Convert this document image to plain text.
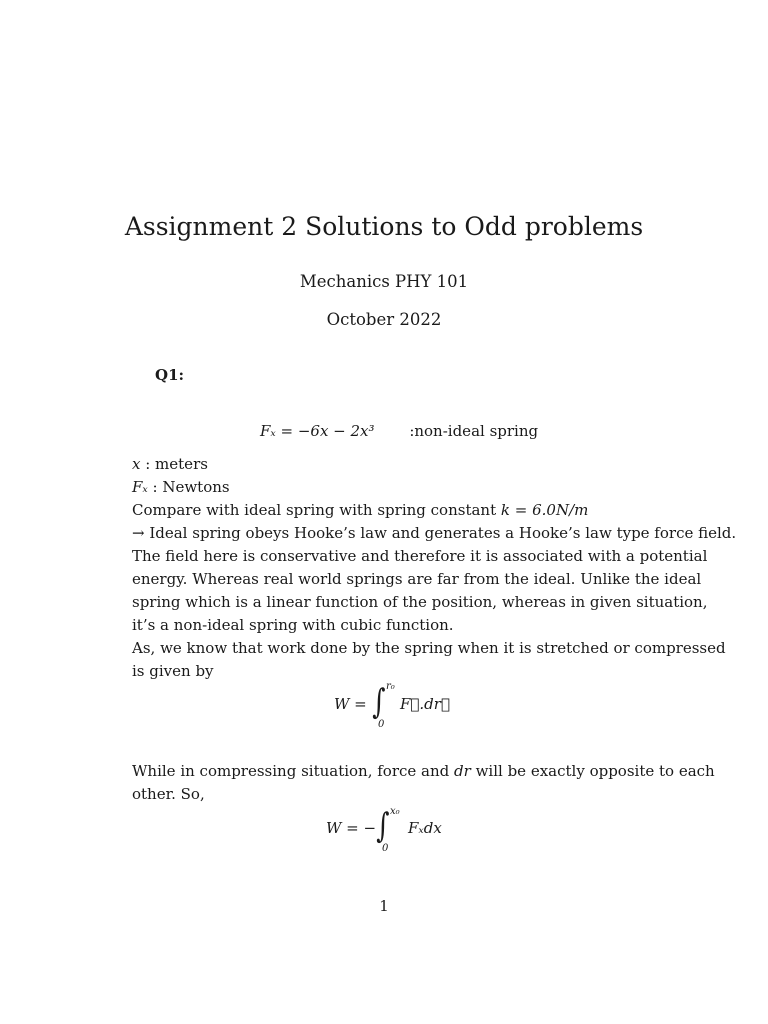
Assignment 2 Solutions to Odd problems
Mechanics PHY 101
October 2022
Q1:
Fₓ = −6x − 2x³ :non-ideal spring
x : meters
Fₓ : Newtons
Compare with ideal spring with spring constant k = 6.0N/m
→ Ideal spring obeys Hooke’s law and generates a Hooke’s law type force field.
The field here is conservative and therefore it is associated with a potential
energy. Whereas real world springs are far from the ideal. Unlike the ideal
spring which is a linear function of the position, whereas in given situation,
it’s a non-ideal spring with cubic function.
As, we know that work done by the spring when it is stretched or compressed
is given by
W = ∫ r₀
0
F⃗.dr⃗
While in compressing situation, force and dr will be exactly opposite to each
other. So,
W = − ∫ x₀
0
Fₓdx
1
